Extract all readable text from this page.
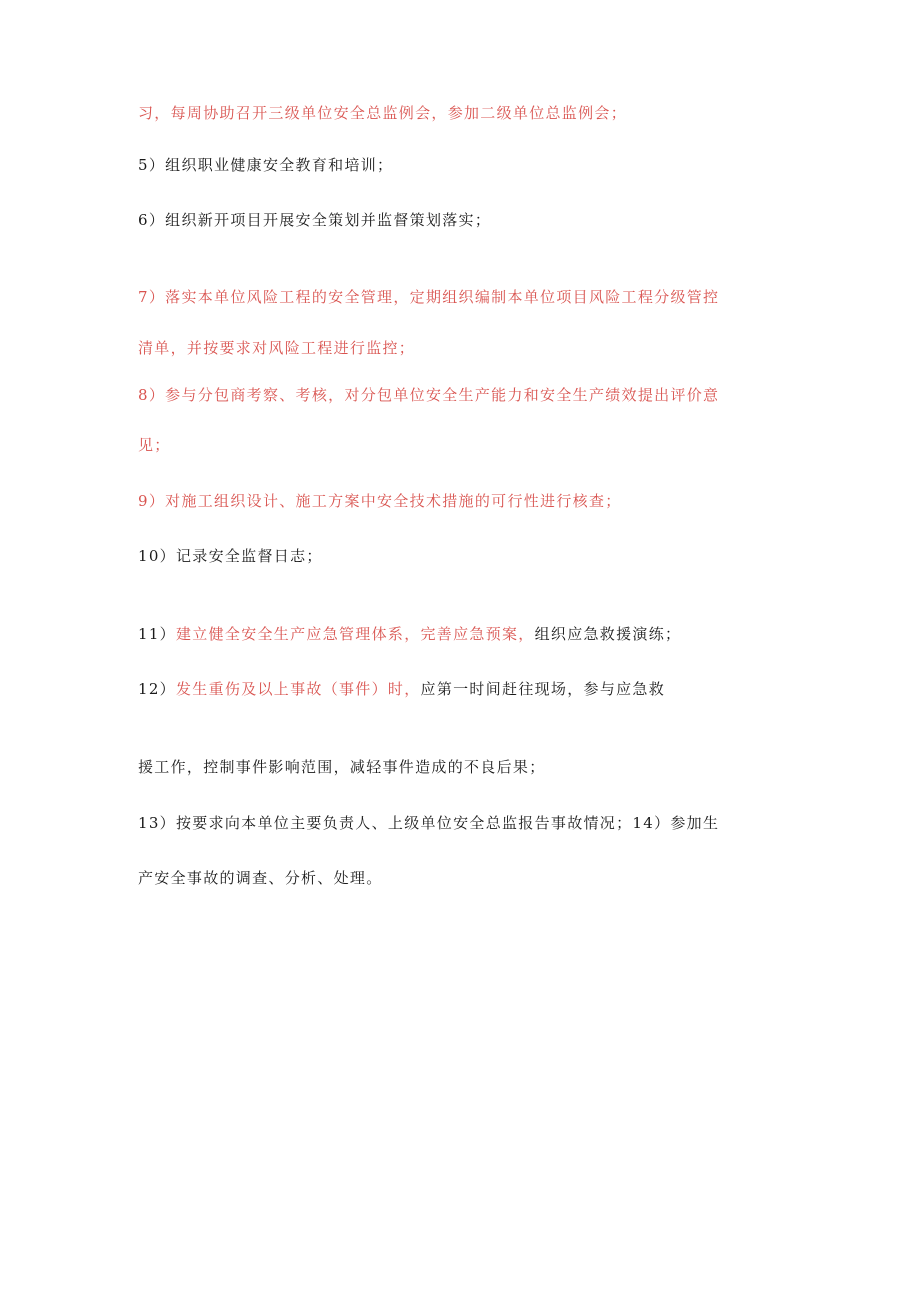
习，每周协助召开三级单位安全总监例会，参加二级单位总监例会；
5）组织职业健康安全教育和培训；
6）组织新开项目开展安全策划并监督策划落实；
7）落实本单位风险工程的安全管理，定期组织编制本单位项目风险工程分级管控
清单，并按要求对风险工程进行监控；
8）参与分包商考察、考核，对分包单位安全生产能力和安全生产绩效提出评价意
见；
9）对施工组织设计、施工方案中安全技术措施的可行性进行核查；
10）记录安全监督日志；
11）建立健全安全生产应急管理体系，完善应急预案，组织应急救援演练；
12）发生重伤及以上事故（事件）时，应第一时间赶往现场，参与应急救
援工作，控制事件影响范围，减轻事件造成的不良后果；
13）按要求向本单位主要负责人、上级单位安全总监报告事故情况；14）参加生
产安全事故的调查、分析、处理。
